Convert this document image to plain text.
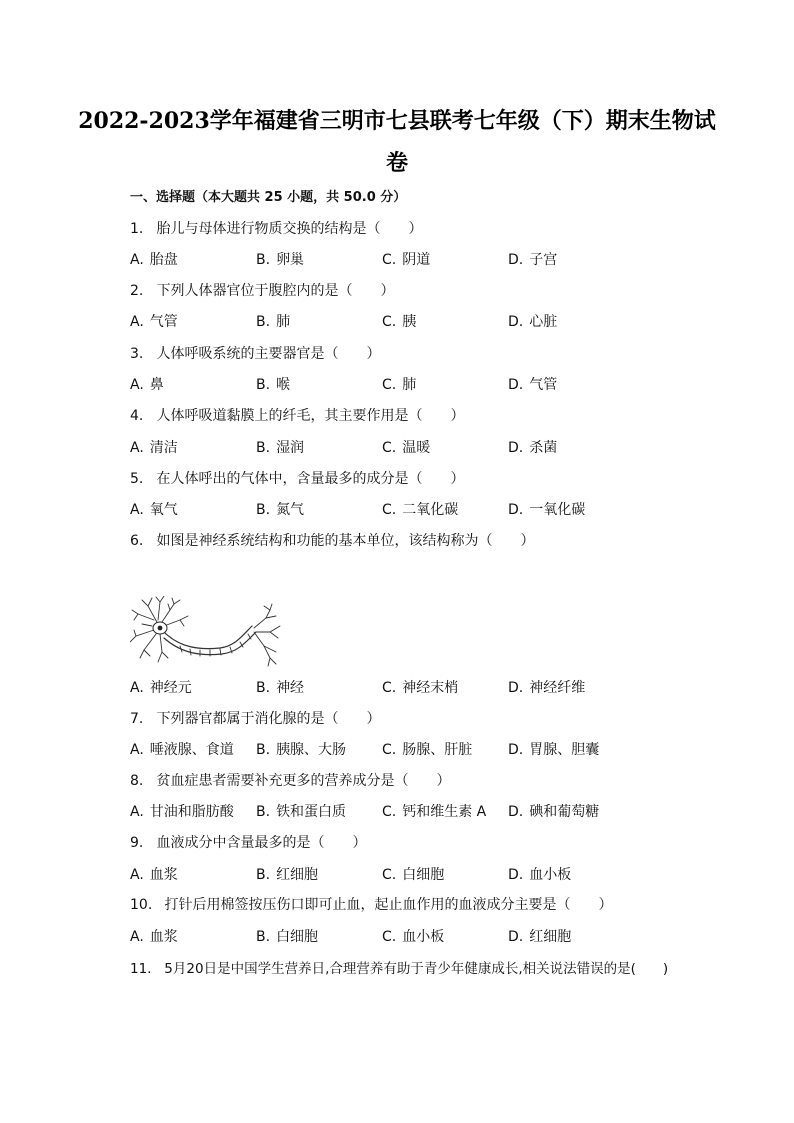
2022-2023学年福建省三明市七县联考七年级（下）期末生物试
卷
一、选择题（本大题共 25 小题，共 50.0 分）
1. 胎儿与母体进行物质交换的结构是（　　）
A. 胎盘	B. 卵巢	C. 阴道	D. 子宫
2. 下列人体器官位于腹腔内的是（　　）
A. 气管	B. 肺	C. 胰	D. 心脏
3. 人体呼吸系统的主要器官是（　　）
A. 鼻	B. 喉	C. 肺	D. 气管
4. 人体呼吸道黏膜上的纤毛，其主要作用是（　　）
A. 清洁	B. 湿润	C. 温暖	D. 杀菌
5. 在人体呼出的气体中，含量最多的成分是（　　）
A. 氧气	B. 氮气	C. 二氧化碳	D. 一氧化碳
6. 如图是神经系统结构和功能的基本单位，该结构称为（　　）
A. 神经元	B. 神经	C. 神经末梢	D. 神经纤维
7. 下列器官都属于消化腺的是（　　）
A. 唾液腺、食道 B. 胰腺、大肠	C. 肠腺、肝脏	D. 胃腺、胆囊
8. 贫血症患者需要补充更多的营养成分是（　　）
A. 甘油和脂肪酸 B. 铁和蛋白质	C. 钙和维生素 A D. 碘和葡萄糖
9. 血液成分中含量最多的是（　　）
A. 血浆	B. 红细胞	C. 白细胞	D. 血小板
10. 打针后用棉签按压伤口即可止血，起止血作用的血液成分主要是（　　）
A. 血浆	B. 白细胞	C. 血小板	D. 红细胞
11. 5月20日是中国学生营养日,合理营养有助于青少年健康成长,相关说法错误的是(　　)
